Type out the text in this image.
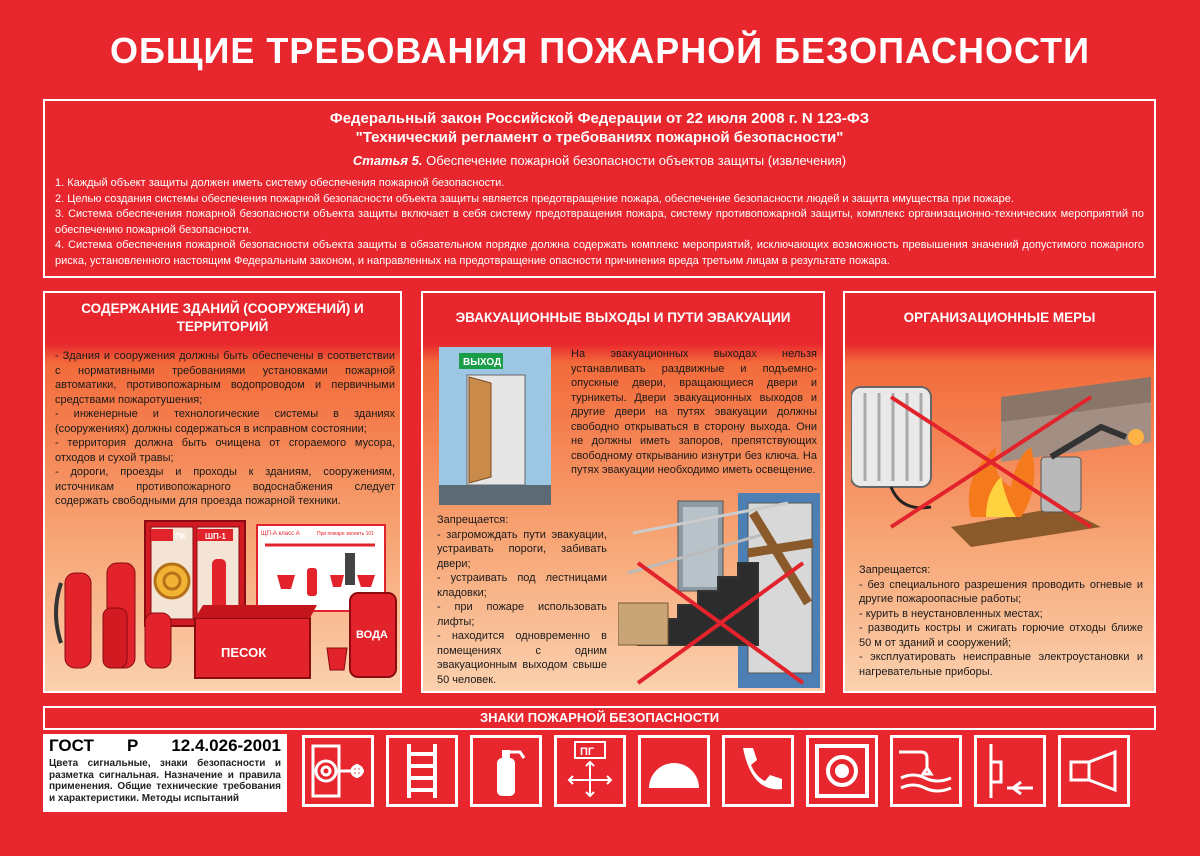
ОБЩИЕ ТРЕБОВАНИЯ ПОЖАРНОЙ БЕЗОПАСНОСТИ
Федеральный закон Российской Федерации от 22 июля 2008 г. N 123-ФЗ
"Технический регламент о требованиях пожарной безопасности"
Статья 5. Обеспечение пожарной безопасности объектов защиты (извлечения)

1. Каждый объект защиты должен иметь систему обеспечения пожарной безопасности.

2. Целью создания системы обеспечения пожарной безопасности объекта защиты является предотвращение пожара, обеспечение безопасности людей и защита имущества при пожаре.

3. Система обеспечения пожарной безопасности объекта защиты включает в себя систему предотвращения пожара, систему противопожарной защиты, комплекс организационно-технических мероприятий по обеспечению пожарной безопасности.

4. Система обеспечения пожарной безопасности объекта защиты в обязательном порядке должна содержать комплекс мероприятий, исключающих возможность превышения значений допустимого пожарного риска, установленного настоящим Федеральным законом, и направленных на предотвращение опасности причинения вреда третьим лицам в результате пожара.

СОДЕРЖАНИЕ ЗДАНИЙ (СООРУЖЕНИЙ) И ТЕРРИТОРИЙ

- Здания и сооружения должны быть обеспечены в соответствии с нормативными требованиями установками пожарной автоматики, противопожарным водопроводом и первичными средствами пожаротушения;

- инженерные и технологические системы в зданиях (сооружениях) должны содержаться в исправном состоянии;

- территория должна быть очищена от сгораемого мусора, отходов и сухой травы;

- дороги, проезды и проходы к зданиям, сооружениям, источникам противопожарного водоснабжения следует содержать свободными для проезда пожарной техники.

ПК ШП-1	ЩП-А класс А	При пожаре звонить 101
ПЕСОК
ВОДА
ЭВАКУАЦИОННЫЕ ВЫХОДЫ И ПУТИ ЭВАКУАЦИИ
ВЫХОД
На эвакуационных выходах нельзя устанавливать раздвижные и подъемно-опускные двери, вращающиеся двери и турникеты. Двери эвакуационных выходов и другие двери на путях эвакуации должны свободно открываться в сторону выхода. Они не должны иметь запоров, препятствующих свободному открыванию изнутри без ключа. На путях эвакуации необходимо иметь освещение.

Запрещается:

- загромождать пути эвакуации, устраивать пороги, забивать двери;

- устраивать под лестницами кладовки;

- при пожаре использовать лифты;

- находится одновременно в помещениях с одним эвакуационным выходом свыше 50 человек.

ОРГАНИЗАЦИОННЫЕ МЕРЫ

Запрещается:

- без специального разрешения проводить огневые и другие пожароопасные работы;

- курить в неустановленных местах;

- разводить костры и сжигать горючие отходы ближе 50 м от зданий и сооружений;

- эксплуатировать неисправные электроустановки и нагревательные приборы.

ЗНАКИ ПОЖАРНОЙ БЕЗОПАСНОСТИ
ГОСТ Р 12.4.026-2001
Цвета сигнальные, знаки безопасности и разметка сигнальная. Назначение и правила применения. Общие технические требования и характеристики. Методы испытаний
ПГ
